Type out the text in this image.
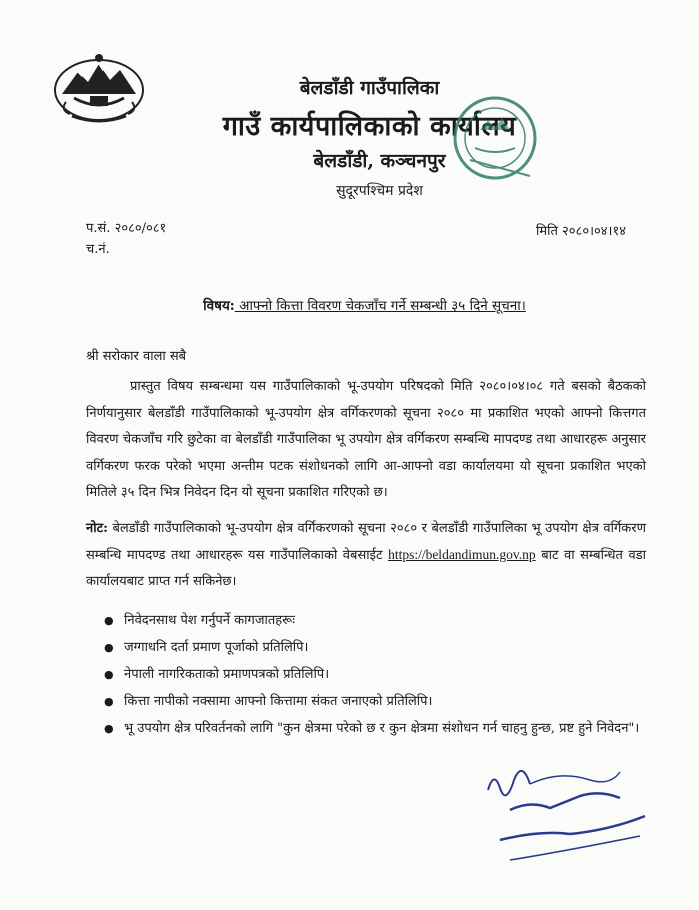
बेलडाँडी गाउँपालिका
गाउँ कार्यपालिकाको कार्यालय
बेलडाँडी, कञ्चनपुर
सुदूरपश्चिम प्रदेश
प.सं. २०८०/०८१
च.नं.
मिति २०८०।०४।१४
विषय: आफ्नो कित्ता विवरण चेकजाँच गर्ने सम्बन्धी ३५ दिने सूचना।
श्री सरोकार वाला सबै
प्रास्तुत विषय सम्बन्धमा यस गाउँपालिकाको भू-उपयोग परिषदको मिति २०८०।०४।०८ गते बसको बैठकको निर्णयानुसार बेलडाँडी गाउँपालिकाको भू-उपयोग क्षेत्र वर्गिकरणको सूचना २०८० मा प्रकाशित भएको आफ्नो कित्तगत विवरण चेकजाँच गरि छुटेका वा बेलडाँडी गाउँपालिका भू उपयोग क्षेत्र वर्गिकरण सम्बन्धि मापदण्ड तथा आधारहरू अनुसार वर्गिकरण फरक परेको भएमा अन्तीम पटक संशोधनको लागि आ-आफ्नो वडा कार्यालयमा यो सूचना प्रकाशित भएको मितिले ३५ दिन भित्र निवेदन दिन यो सूचना प्रकाशित गरिएको छ।
नोट: बेलडाँडी गाउँपालिकाको भू-उपयोग क्षेत्र वर्गिकरणको सूचना २०८० र बेलडाँडी गाउँपालिका भू उपयोग क्षेत्र वर्गिकरण सम्बन्धि मापदण्ड तथा आधारहरू यस गाउँपालिकाको वेबसाईट https://beldandimun.gov.np बाट वा सम्बन्धित वडा कार्यालयबाट प्राप्त गर्न सकिनेछ।
● निवेदनसाथ पेश गर्नुपर्ने कागजातहरूः
● जग्गाधनि दर्ता प्रमाण पूर्जाको प्रतिलिपि।
● नेपाली नागरिकताको प्रमाणपत्रको प्रतिलिपि।
● कित्ता नापीको नक्सामा आफ्नो कित्तामा संकत जनाएको प्रतिलिपि।
● भू उपयोग क्षेत्र परिवर्तनको लागि "कुन क्षेत्रमा परेको छ र कुन क्षेत्रमा संशोधन गर्न चाहनु हुन्छ, प्रष्ट हुने निवेदन"।
